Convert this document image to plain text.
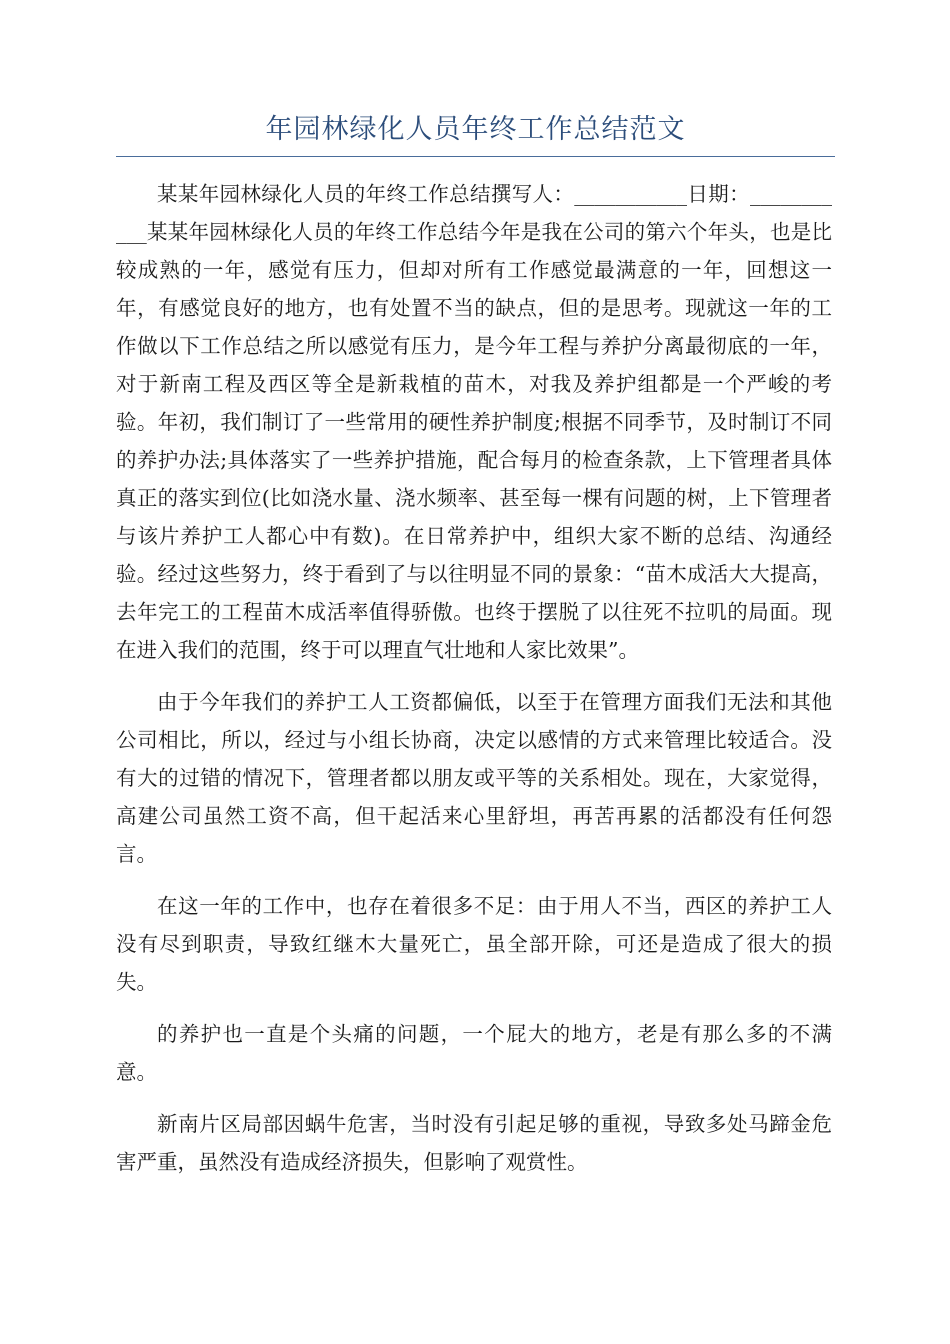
年园林绿化人员年终工作总结范文

某某年园林绿化人员的年终工作总结撰写人：___________日期：___________某某年园林绿化人员的年终工作总结今年是我在公司的第六个年头，也是比较成熟的一年，感觉有压力，但却对所有工作感觉最满意的一年，回想这一年，有感觉良好的地方，也有处置不当的缺点，但的是思考。现就这一年的工作做以下工作总结之所以感觉有压力，是今年工程与养护分离最彻底的一年，对于新南工程及西区等全是新栽植的苗木，对我及养护组都是一个严峻的考验。年初，我们制订了一些常用的硬性养护制度;根据不同季节，及时制订不同的养护办法;具体落实了一些养护措施，配合每月的检查条款，上下管理者具体真正的落实到位(比如浇水量、浇水频率、甚至每一棵有问题的树，上下管理者与该片养护工人都心中有数)。在日常养护中，组织大家不断的总结、沟通经验。经过这些努力，终于看到了与以往明显不同的景象：“苗木成活大大提高，去年完工的工程苗木成活率值得骄傲。也终于摆脱了以往死不拉叽的局面。现在进入我们的范围，终于可以理直气壮地和人家比效果”。

由于今年我们的养护工人工资都偏低，以至于在管理方面我们无法和其他公司相比，所以，经过与小组长协商，决定以感情的方式来管理比较适合。没有大的过错的情况下，管理者都以朋友或平等的关系相处。现在，大家觉得，高建公司虽然工资不高，但干起活来心里舒坦，再苦再累的活都没有任何怨言。

在这一年的工作中，也存在着很多不足：由于用人不当，西区的养护工人没有尽到职责，导致红继木大量死亡，虽全部开除，可还是造成了很大的损失。

的养护也一直是个头痛的问题，一个屁大的地方，老是有那么多的不满意。

新南片区局部因蜗牛危害，当时没有引起足够的重视，导致多处马蹄金危害严重，虽然没有造成经济损失，但影响了观赏性。
